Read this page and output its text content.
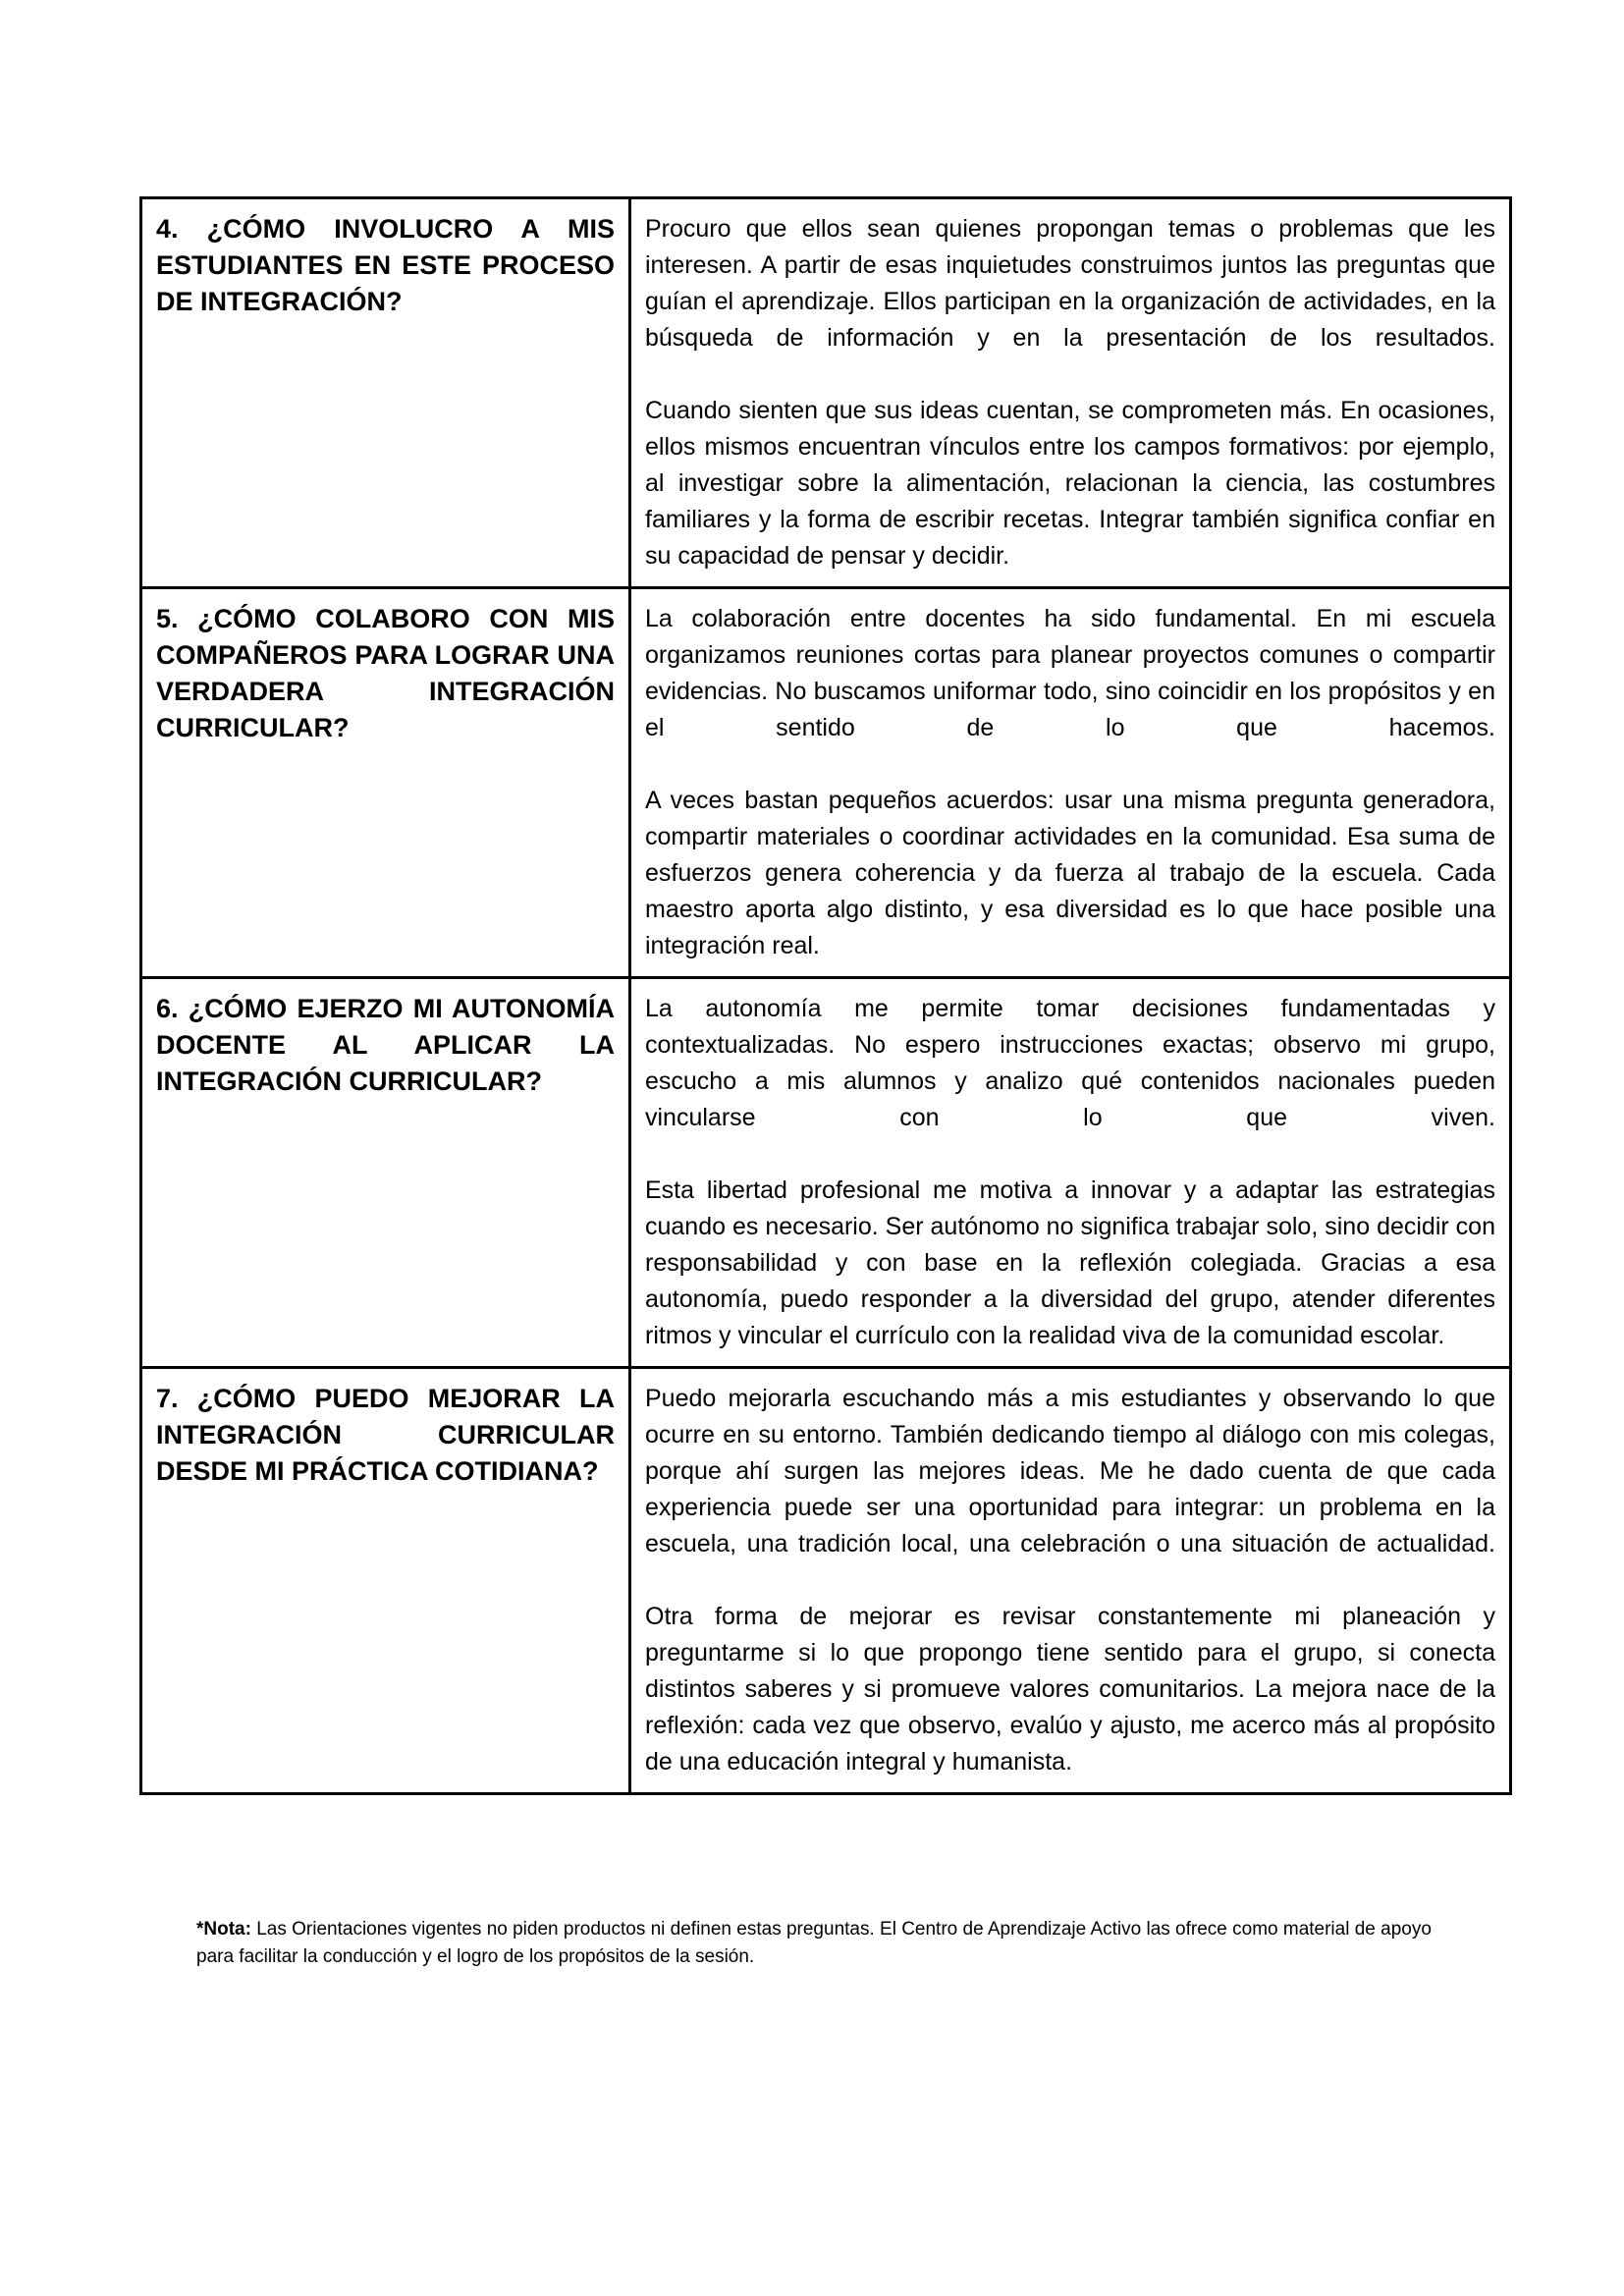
4. ¿CÓMO INVOLUCRO A MIS ESTUDIANTES EN ESTE PROCESO DE INTEGRACIÓN?	Procuro que ellos sean quienes propongan temas o problemas que les interesen. A partir de esas inquietudes construimos juntos las preguntas que guían el aprendizaje. Ellos participan en la organización de actividades, en la búsqueda de información y en la presentación de los resultados.

Cuando sienten que sus ideas cuentan, se comprometen más. En ocasiones, ellos mismos encuentran vínculos entre los campos formativos: por ejemplo, al investigar sobre la alimentación, relacionan la ciencia, las costumbres familiares y la forma de escribir recetas. Integrar también significa confiar en su capacidad de pensar y decidir.

5. ¿CÓMO COLABORO CON MIS COMPAÑEROS PARA LOGRAR UNA VERDADERA INTEGRACIÓN CURRICULAR?	La colaboración entre docentes ha sido fundamental. En mi escuela organizamos reuniones cortas para planear proyectos comunes o compartir evidencias. No buscamos uniformar todo, sino coincidir en los propósitos y en el sentido de lo que hacemos.

A veces bastan pequeños acuerdos: usar una misma pregunta generadora, compartir materiales o coordinar actividades en la comunidad. Esa suma de esfuerzos genera coherencia y da fuerza al trabajo de la escuela. Cada maestro aporta algo distinto, y esa diversidad es lo que hace posible una integración real.

6. ¿CÓMO EJERZO MI AUTONOMÍA DOCENTE AL APLICAR LA INTEGRACIÓN CURRICULAR?	La autonomía me permite tomar decisiones fundamentadas y contextualizadas. No espero instrucciones exactas; observo mi grupo, escucho a mis alumnos y analizo qué contenidos nacionales pueden vincularse con lo que viven.

Esta libertad profesional me motiva a innovar y a adaptar las estrategias cuando es necesario. Ser autónomo no significa trabajar solo, sino decidir con responsabilidad y con base en la reflexión colegiada. Gracias a esa autonomía, puedo responder a la diversidad del grupo, atender diferentes ritmos y vincular el currículo con la realidad viva de la comunidad escolar.

7. ¿CÓMO PUEDO MEJORAR LA INTEGRACIÓN CURRICULAR DESDE MI PRÁCTICA COTIDIANA?	Puedo mejorarla escuchando más a mis estudiantes y observando lo que ocurre en su entorno. También dedicando tiempo al diálogo con mis colegas, porque ahí surgen las mejores ideas. Me he dado cuenta de que cada experiencia puede ser una oportunidad para integrar: un problema en la escuela, una tradición local, una celebración o una situación de actualidad.

Otra forma de mejorar es revisar constantemente mi planeación y preguntarme si lo que propongo tiene sentido para el grupo, si conecta distintos saberes y si promueve valores comunitarios. La mejora nace de la reflexión: cada vez que observo, evalúo y ajusto, me acerco más al propósito de una educación integral y humanista.

*Nota: Las Orientaciones vigentes no piden productos ni definen estas preguntas. El Centro de Aprendizaje Activo las ofrece como material de apoyo para facilitar la conducción y el logro de los propósitos de la sesión.
